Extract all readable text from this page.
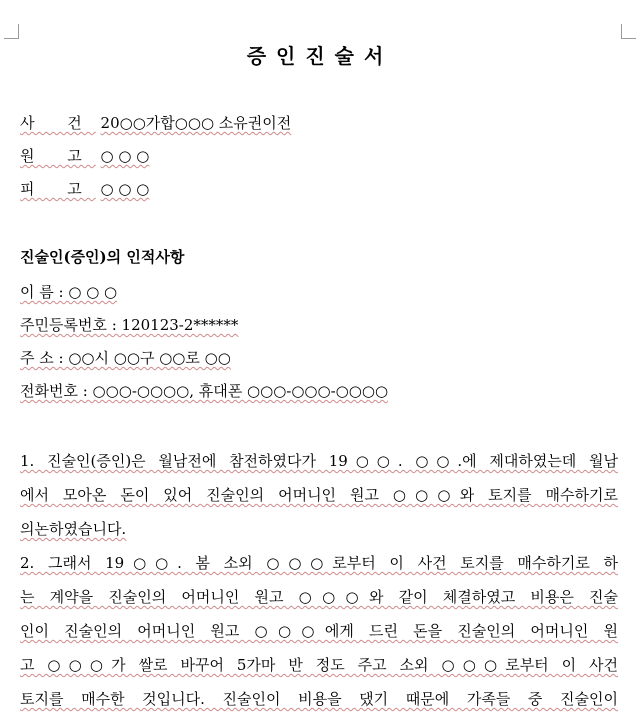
증인진술서
사 건 20○○가합○○○ 소유권이전
원 고 ○ ○ ○
피 고 ○ ○ ○
진술인(증인)의 인적사항
이 름 : ○ ○ ○
주민등록번호 : 120123-2******
주 소 : ○○시 ○○구 ○○로 ○○
전화번호 : ○○○-○○○○, 휴대폰 ○○○-○○○-○○○○
1. 진술인(증인)은 월남전에 참전하였다가 19○○. ○○.에 제대하였는데 월남
에서 모아온 돈이 있어 진술인의 어머니인 원고 ○○○와 토지를 매수하기로
의논하였습니다.
2. 그래서 19○○. 봄 소외 ○○○로부터 이 사건 토지를 매수하기로 하
는 계약을 진술인의 어머니인 원고 ○○○와 같이 체결하였고 비용은 진술
인이 진술인의 어머니인 원고 ○○○에게 드린 돈을 진술인의 어머니인 원
고 ○○○가 쌀로 바꾸어 5가마 반 정도 주고 소외 ○○○로부터 이 사건
토지를 매수한 것입니다. 진술인이 비용을 댔기 때문에 가족들 중 진술인이
